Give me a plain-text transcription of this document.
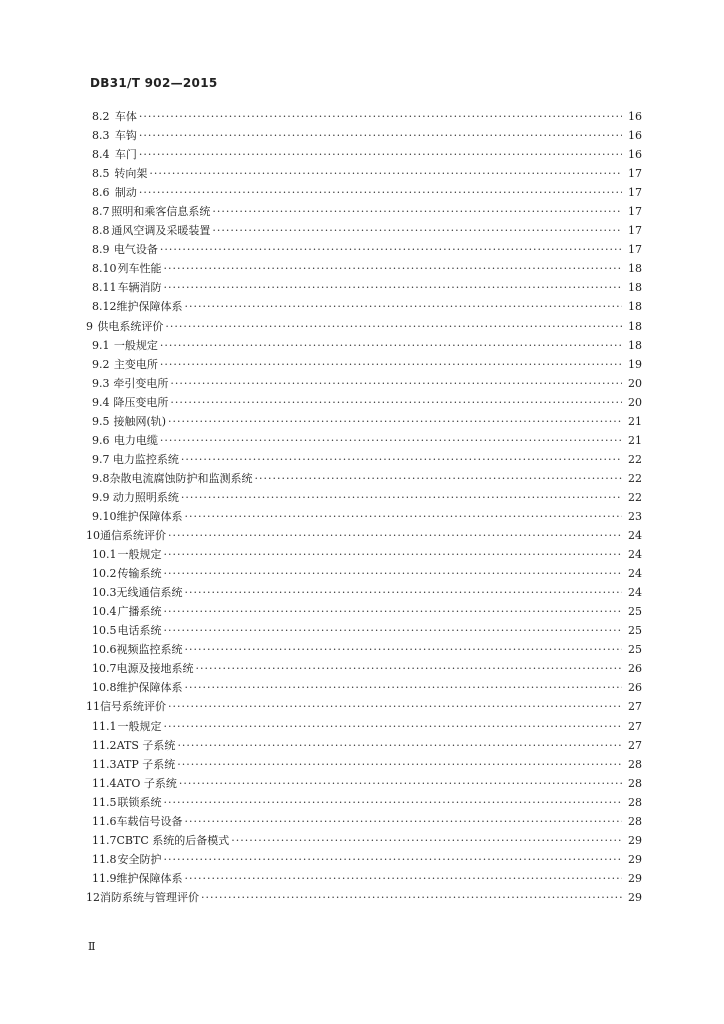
DB31/T 902—2015
8.2 车体 ·····	16
8.3 车钩 ·····	16
8.4 车门 ·····	16
8.5 转向架 ·····	17
8.6 制动 ·····	17
8.7 照明和乘客信息系统 ·····	17
8.8 通风空调及采暖装置 ·····	17
8.9 电气设备 ·····	17
8.10 列车性能 ·····	18
8.11 车辆消防 ·····	18
8.12 维护保障体系 ·····	18
9 供电系统评价 ·····	18
9.1 一般规定 ·····	18
9.2 主变电所 ·····	19
9.3 牵引变电所 ·····	20
9.4 降压变电所 ·····	20
9.5 接触网(轨) ·····	21
9.6 电力电缆 ·····	21
9.7 电力监控系统 ·····	22
9.8 杂散电流腐蚀防护和监测系统 ·····	22
9.9 动力照明系统 ·····	22
9.10 维护保障体系 ·····	23
10 通信系统评价 ·····	24
10.1 一般规定 ·····	24
10.2 传输系统 ·····	24
10.3 无线通信系统 ·····	24
10.4 广播系统 ·····	25
10.5 电话系统 ·····	25
10.6 视频监控系统 ·····	25
10.7 电源及接地系统 ·····	26
10.8 维护保障体系 ·····	26
11 信号系统评价 ·····	27
11.1 一般规定 ·····	27
11.2 ATS 子系统 ·····	27
11.3 ATP 子系统 ·····	28
11.4 ATO 子系统 ·····	28
11.5 联锁系统 ·····	28
11.6 车载信号设备 ·····	28
11.7 CBTC 系统的后备模式 ·····	29
11.8 安全防护 ·····	29
11.9 维护保障体系 ·····	29
12 消防系统与管理评价 ·····	29
Ⅱ
